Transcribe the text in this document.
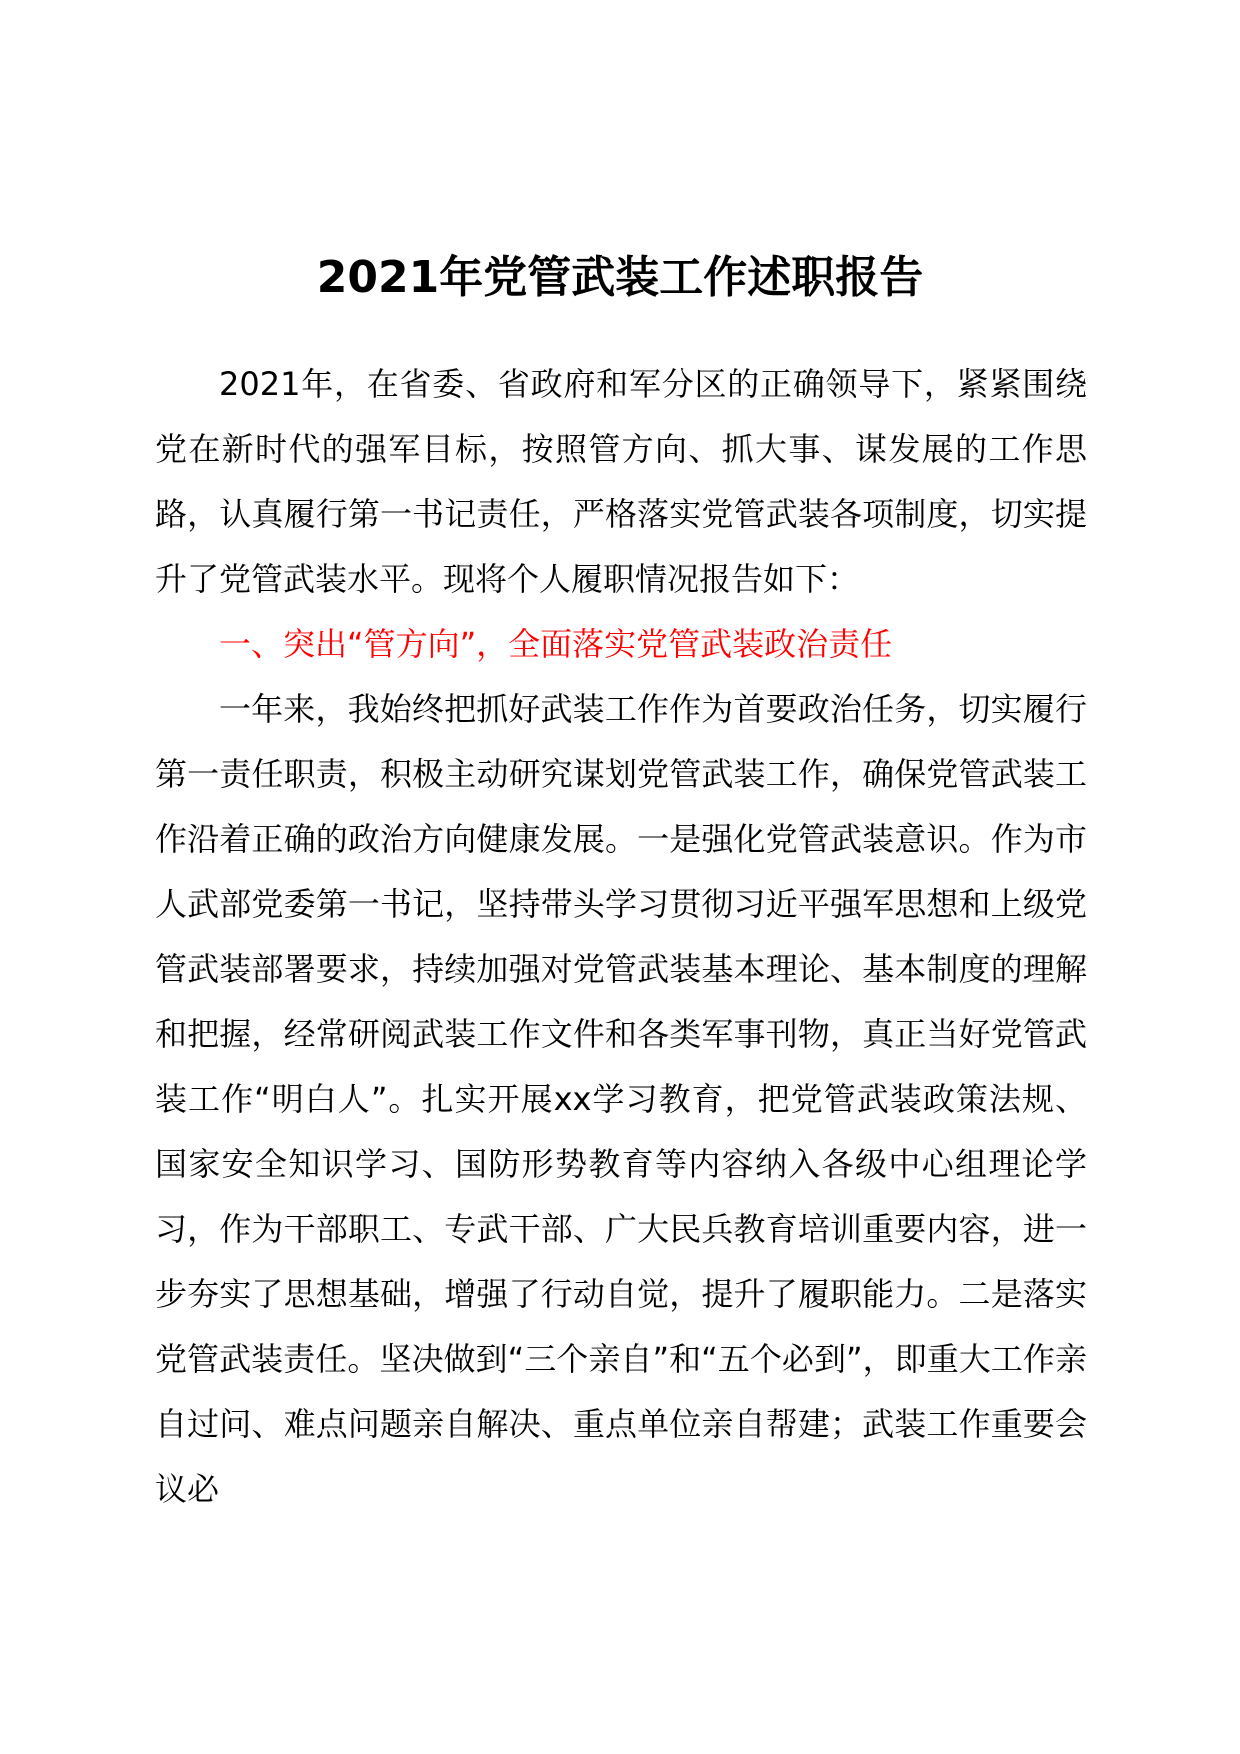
2021年党管武装工作述职报告

2021年，在省委、省政府和军分区的正确领导下，紧紧围绕党在新时代的强军目标，按照管方向、抓大事、谋发展的工作思路，认真履行第一书记责任，严格落实党管武装各项制度，切实提升了党管武装水平。现将个人履职情况报告如下：

一、突出“管方向”，全面落实党管武装政治责任

一年来，我始终把抓好武装工作作为首要政治任务，切实履行第一责任职责，积极主动研究谋划党管武装工作，确保党管武装工作沿着正确的政治方向健康发展。一是强化党管武装意识。作为市人武部党委第一书记，坚持带头学习贯彻习近平强军思想和上级党管武装部署要求，持续加强对党管武装基本理论、基本制度的理解和把握，经常研阅武装工作文件和各类军事刊物，真正当好党管武装工作“明白人”。扎实开展xx学习教育，把党管武装政策法规、国家安全知识学习、国防形势教育等内容纳入各级中心组理论学习，作为干部职工、专武干部、广大民兵教育培训重要内容，进一步夯实了思想基础，增强了行动自觉，提升了履职能力。二是落实党管武装责任。坚决做到“三个亲自”和“五个必到”，即重大工作亲自过问、难点问题亲自解决、重点单位亲自帮建；武装工作重要会议必
